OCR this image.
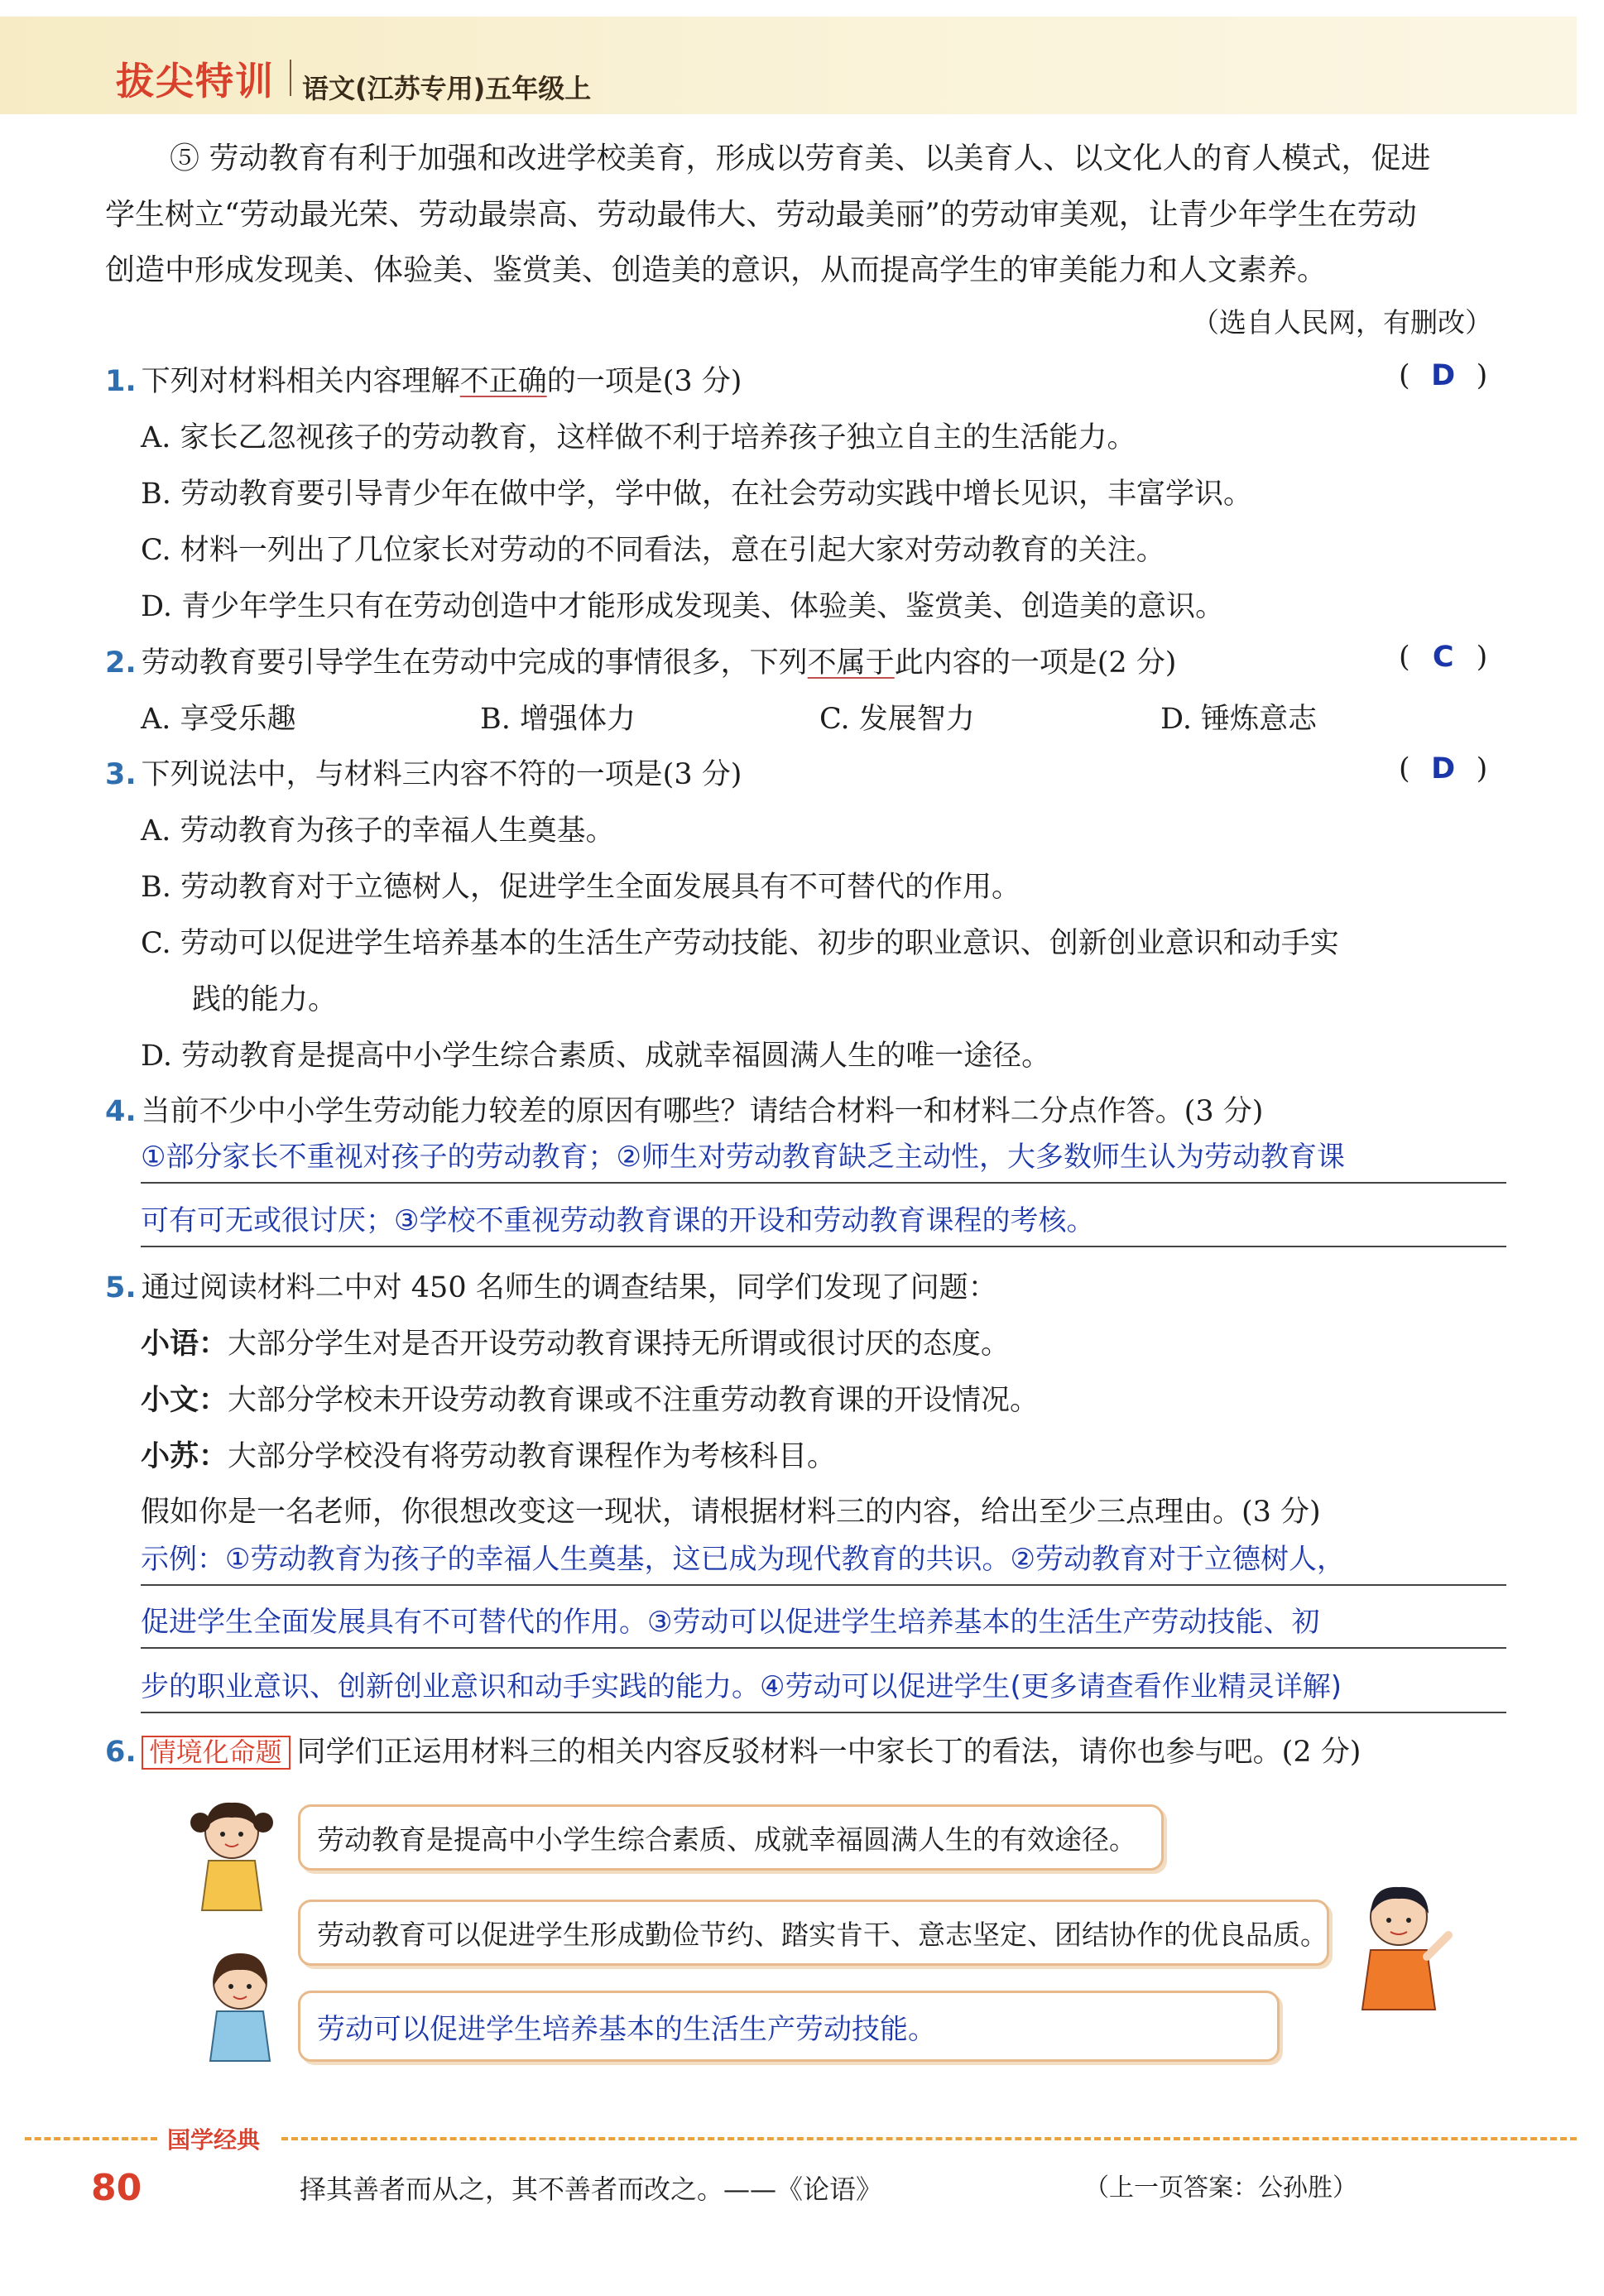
拔尖特训 语文(江苏专用)五年级上
⑤ 劳动教育有利于加强和改进学校美育，形成以劳育美、以美育人、以文化人的育人模式，促进
学生树立“劳动最光荣、劳动最崇高、劳动最伟大、劳动最美丽”的劳动审美观，让青少年学生在劳动
创造中形成发现美、体验美、鉴赏美、创造美的意识，从而提高学生的审美能力和人文素养。
（选自人民网，有删改）
1. 下列对材料相关内容理解不正确的一项是(3 分)	( D )
A. 家长乙忽视孩子的劳动教育，这样做不利于培养孩子独立自主的生活能力。
B. 劳动教育要引导青少年在做中学，学中做，在社会劳动实践中增长见识，丰富学识。
C. 材料一列出了几位家长对劳动的不同看法，意在引起大家对劳动教育的关注。
D. 青少年学生只有在劳动创造中才能形成发现美、体验美、鉴赏美、创造美的意识。
2. 劳动教育要引导学生在劳动中完成的事情很多，下列不属于此内容的一项是(2 分)	( C )
A. 享受乐趣	B. 增强体力	C. 发展智力	D. 锤炼意志
3. 下列说法中，与材料三内容不符的一项是(3 分)	( D )
A. 劳动教育为孩子的幸福人生奠基。
B. 劳动教育对于立德树人，促进学生全面发展具有不可替代的作用。
C. 劳动可以促进学生培养基本的生活生产劳动技能、初步的职业意识、创新创业意识和动手实
践的能力。
D. 劳动教育是提高中小学生综合素质、成就幸福圆满人生的唯一途径。
4. 当前不少中小学生劳动能力较差的原因有哪些？请结合材料一和材料二分点作答。(3 分)
①部分家长不重视对孩子的劳动教育；②师生对劳动教育缺乏主动性，大多数师生认为劳动教育课
可有可无或很讨厌；③学校不重视劳动教育课的开设和劳动教育课程的考核。
5. 通过阅读材料二中对 450 名师生的调查结果，同学们发现了问题：
小语：大部分学生对是否开设劳动教育课持无所谓或很讨厌的态度。
小文：大部分学校未开设劳动教育课或不注重劳动教育课的开设情况。
小苏：大部分学校没有将劳动教育课程作为考核科目。
假如你是一名老师，你很想改变这一现状，请根据材料三的内容，给出至少三点理由。(3 分)
示例：①劳动教育为孩子的幸福人生奠基，这已成为现代教育的共识。②劳动教育对于立德树人，
促进学生全面发展具有不可替代的作用。③劳动可以促进学生培养基本的生活生产劳动技能、初
步的职业意识、创新创业意识和动手实践的能力。④劳动可以促进学生(更多请查看作业精灵详解)
6. 情境化命题 同学们正运用材料三的相关内容反驳材料一中家长丁的看法，请你也参与吧。(2 分)
劳动教育是提高中小学生综合素质、成就幸福圆满人生的有效途径。
劳动教育可以促进学生形成勤俭节约、踏实肯干、意志坚定、团结协作的优良品质。
劳动可以促进学生培养基本的生活生产劳动技能。
国学经典
80	择其善者而从之，其不善者而改之。——《论语》	（上一页答案：公孙胜）
